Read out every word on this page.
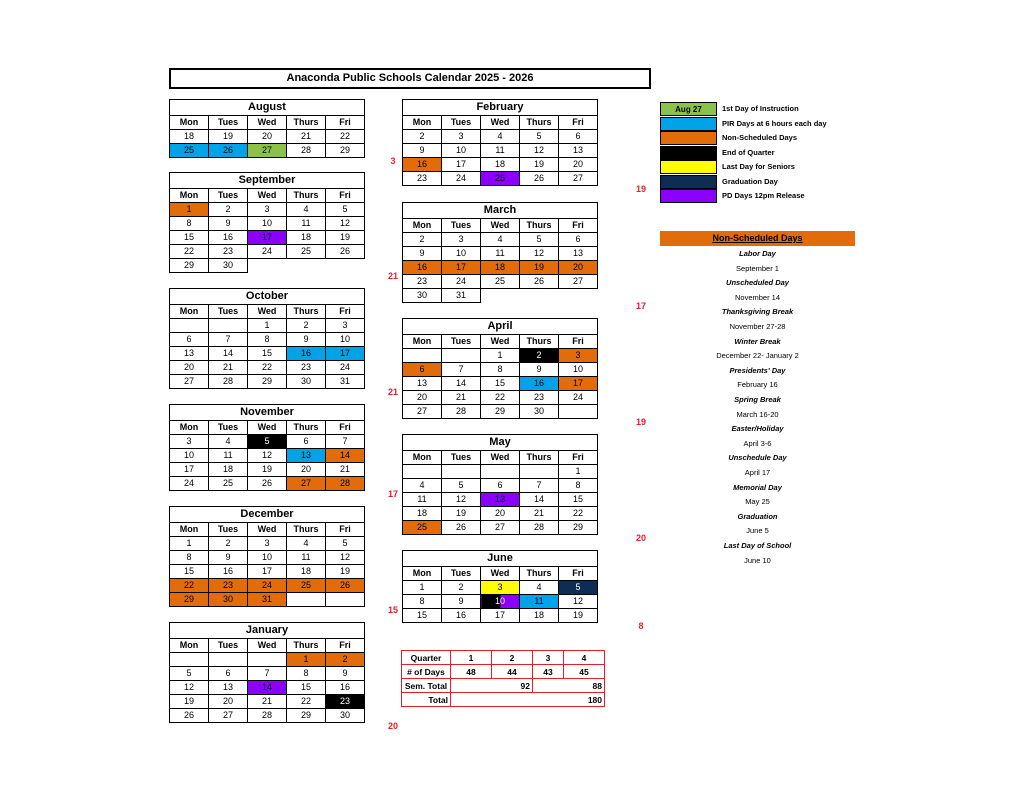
Anaconda Public Schools Calendar 2025 - 2026
August				
Mon	Tues	Wed	Thurs	Fri
18	19	20	21	22
25	26	27	28	29
3
September				
Mon	Tues	Wed	Thurs	Fri
1	2	3	4	5
8	9	10	11	12
15	16	17	18	19
22	23	24	25	26
29	30			
21
October				
Mon	Tues	Wed	Thurs	Fri
		1	2	3
6	7	8	9	10
13	14	15	16	17
20	21	22	23	24
27	28	29	30	31
21
November				
Mon	Tues	Wed	Thurs	Fri
3	4	5	6	7
10	11	12	13	14
17	18	19	20	21
24	25	26	27	28
17
December				
Mon	Tues	Wed	Thurs	Fri
1	2	3	4	5
8	9	10	11	12
15	16	17	18	19
22	23	24	25	26
29	30	31		
15
January				
Mon	Tues	Wed	Thurs	Fri
			1	2
5	6	7	8	9
12	13	14	15	16
19	20	21	22	23
26	27	28	29	30
20
February				
Mon	Tues	Wed	Thurs	Fri
2	3	4	5	6
9	10	11	12	13
16	17	18	19	20
23	24	25	26	27
19
March				
Mon	Tues	Wed	Thurs	Fri
2	3	4	5	6
9	10	11	12	13
16	17	18	19	20
23	24	25	26	27
30	31			
17
April				
Mon	Tues	Wed	Thurs	Fri
		1	2	3
6	7	8	9	10
13	14	15	16	17
20	21	22	23	24
27	28	29	30	
19
May				
Mon	Tues	Wed	Thurs	Fri
				1
4	5	6	7	8
11	12	13	14	15
18	19	20	21	22
25	26	27	28	29
20
June				
Mon	Tues	Wed	Thurs	Fri
1	2	3	4	5
8	9	10	11	12
15	16	17	18	19
8
Aug 27	1st Day of Instruction
PIR Days at 6 hours each day
Non-Scheduled Days
End of Quarter
Last Day for Seniors
Graduation Day
PD Days 12pm Release
Non-Scheduled Days
Labor Day
September 1
Unscheduled Day
November 14
Thanksgiving Break
November 27-28
Winter Break
December 22- January 2
Presidents' Day
February 16
Spring Break
March 16-20
Easter/Holiday
April 3-6
Unschedule Day
April 17
Memorial Day
May 25
Graduation
June 5
Last Day of School
June 10
Quarter	1	2	3	4
# of Days	48	44	43	45
Sem. Total	92		88	
Total	180			
